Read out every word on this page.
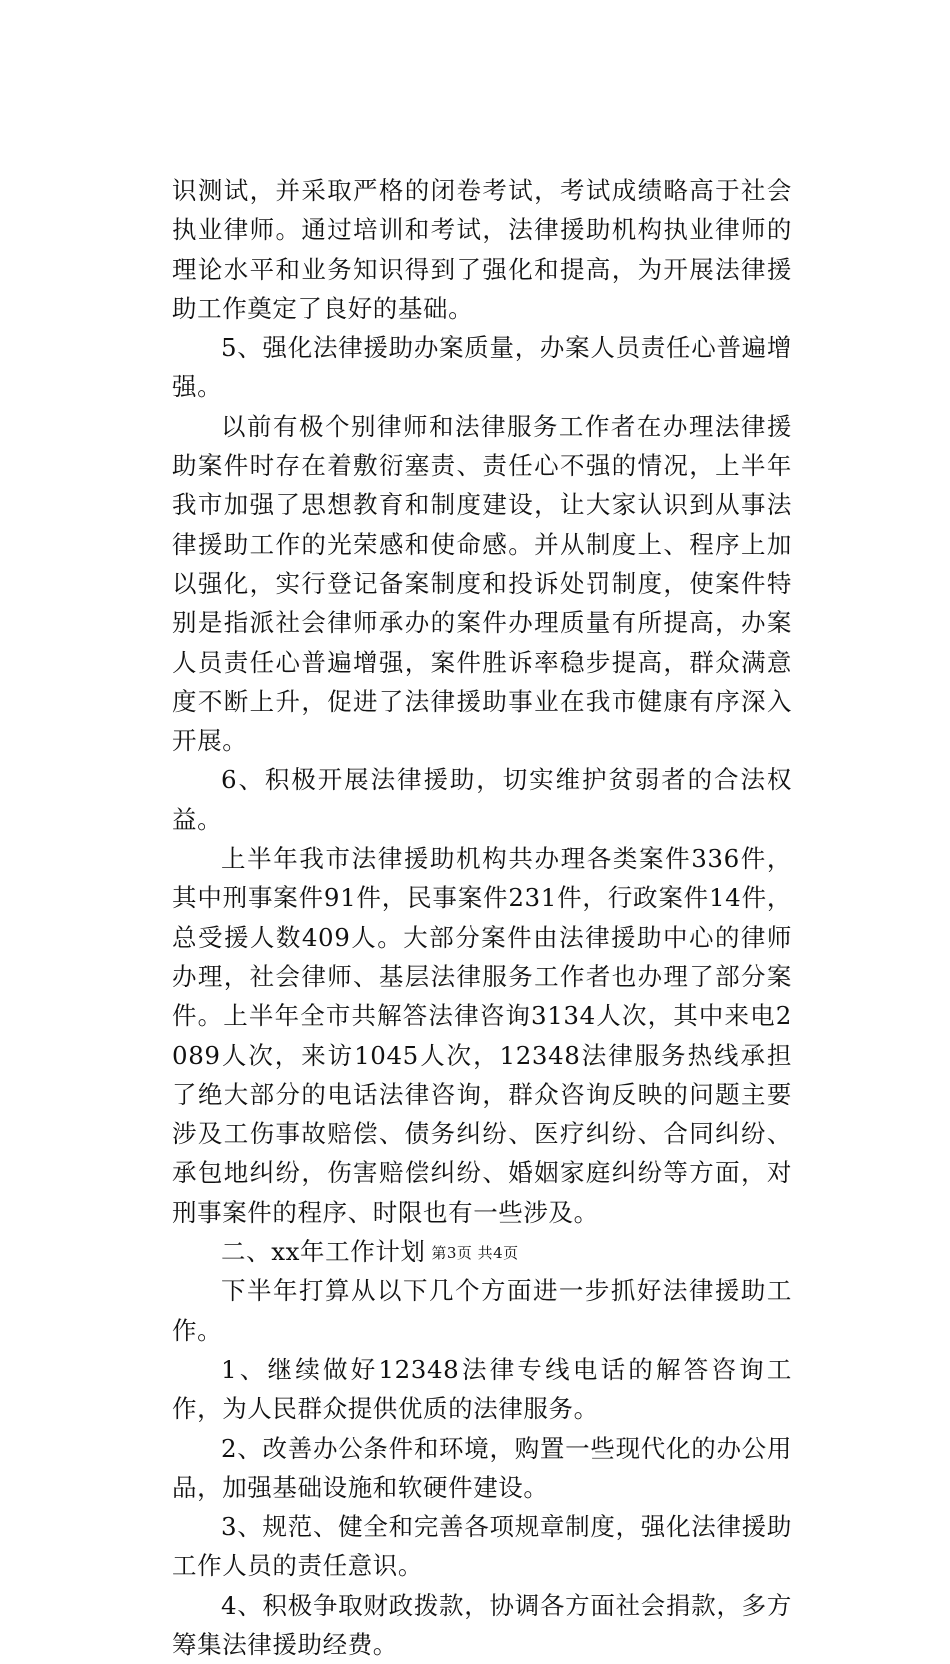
识测试，并采取严格的闭卷考试，考试成绩略高于社会执业律师。通过培训和考试，法律援助机构执业律师的理论水平和业务知识得到了强化和提高，为开展法律援助工作奠定了良好的基础。

5、强化法律援助办案质量，办案人员责任心普遍增强。

以前有极个别律师和法律服务工作者在办理法律援助案件时存在着敷衍塞责、责任心不强的情况，上半年我市加强了思想教育和制度建设，让大家认识到从事法律援助工作的光荣感和使命感。并从制度上、程序上加以强化，实行登记备案制度和投诉处罚制度，使案件特别是指派社会律师承办的案件办理质量有所提高，办案人员责任心普遍增强，案件胜诉率稳步提高，群众满意度不断上升，促进了法律援助事业在我市健康有序深入开展。

6、积极开展法律援助，切实维护贫弱者的合法权益。

上半年我市法律援助机构共办理各类案件336件，其中刑事案件91件，民事案件231件，行政案件14件，总受援人数409人。大部分案件由法律援助中心的律师办理，社会律师、基层法律服务工作者也办理了部分案件。上半年全市共解答法律咨询3134人次，其中来电2089人次，来访1045人次，12348法律服务热线承担了绝大部分的电话法律咨询，群众咨询反映的问题主要涉及工伤事故赔偿、债务纠纷、医疗纠纷、合同纠纷、承包地纠纷，伤害赔偿纠纷、婚姻家庭纠纷等方面，对刑事案件的程序、时限也有一些涉及。

二、xx年工作计划

下半年打算从以下几个方面进一步抓好法律援助工作。

1、继续做好12348法律专线电话的解答咨询工作，为人民群众提供优质的法律服务。

2、改善办公条件和环境，购置一些现代化的办公用品，加强基础设施和软硬件建设。

3、规范、健全和完善各项规章制度，强化法律援助工作人员的责任意识。

4、积极争取财政拨款，协调各方面社会捐款，多方筹集法律援助经费。

第3页 共4页
